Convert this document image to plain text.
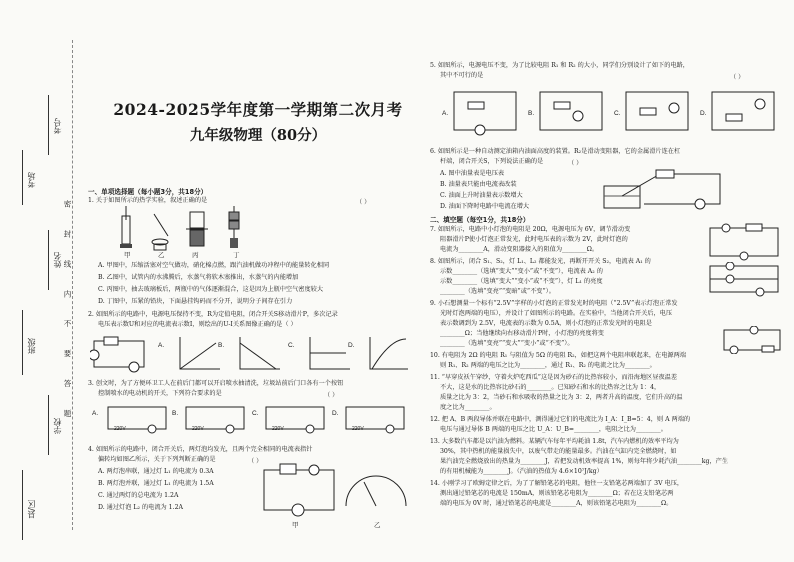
考号
考场
姓名
班级
学校
县/区
密 封 线 内 不 要 答 题
2024-2025学年度第一学期第二次月考
九年级物理（80分）
一、单项选择题（每小题3分，共18分）
1. 关于如图所示的热学实验，叙述正确的是	（ ）
甲	乙	丙	丁
A. 甲图中，压缩活塞对空气做功，硝化棉点燃，跟汽油机做功冲程中的能量转化相同
B. 乙图中，试管内的水沸腾后，水蒸气将软木塞推出，水蒸气的内能增加
C. 丙图中，抽去玻璃板后，两瓶中的气体逐渐混合，这是因为上瓶中空气密度较大
D. 丁图中，压紧的铅块，下面悬挂钩码而不分开，说明分子间存在引力
2. 如图所示的电路中，电源电压保持不变，R为定值电阻，闭合开关S移动滑片P，多次记录
电压表示数U和对应的电流表示数I，则绘出的U-I关系图像正确的是（ ）
A.	B.	C.	D.
3. 创文时，为了方便环卫工人在前后门都可以开启喷水抽清洗，垃圾站前后门口各有一个按钮
控制喷水的电动机的开关，下列符合要求的是	（ ）
A.	B.	C.	D.
220V	220V	220V	220V
4. 如图所示的电路中，闭合开关后，两灯泡均发光，且两个完全相同的电流表指针
偏转均如图乙所示，关于下列判断正确的是	（ ）
A. 两灯泡串联，通过灯 L₁ 的电流为 0.3A
B. 两灯泡并联，通过灯 L₁ 的电流为 1.5A
C. 通过两灯的总电流为 1.2A
D. 通过灯泡 L₂ 的电流为 1.2A
甲	乙
5. 如图所示，电源电压不变，为了比较电阻 R₁ 和 R₂ 的大小，同学们分别设计了如下的电路，
其中不可行的是	（ ）
A.	B.	C.	D.
6. 如图所示是一种自动测定油箱内油面高度的装置。R₂是滑动变阻器，它的金属滑片连在杠
杆端，闭合开关S，下列说法正确的是	（ ）
A. 图中油量表是电压表
B. 油量表只能由电流表改装
C. 油面上升时油量表示数增大
D. 油面下降时电路中电流在增大
二、填空题（每空1分，共18分）
7. 如图所示，电路中小灯泡的电阻是 20Ω，电源电压为 6V，调节滑动变
阻器滑片P使小灯泡正常发光，此时电压表的示数为 2V，此时灯泡的
电流为________A，滑动变阻器接入的阻值为________Ω。
8. 如图所示，闭合 S₁、S₂，灯 L₁、L₂ 都能发光，再断开开关 S₂，电流表 A₁ 的
示数________（选填“变大”“变小”或“不变”），电流表 A₂ 的
示数________（选填“变大”“变小”或“不变”），灯 L₁ 的亮度
________（选填“变亮”“变暗”或“不变”）。
9. 小石想测量一个标有“2.5V”字样的小灯泡的正常发光时的电阻（“2.5V”表示灯泡正常发
光时灯泡两端的电压），并设计了如图所示的电路。在实验中，当他闭合开关后，电压
表示数调到为 2.5V，电流表的示数为 0.5A，则小灯泡的正常发光时的电阻是
________Ω；当他继续向右移动滑片P时，小灯泡的亮度将变
________（选填“变亮”“变大”“变小”或“不变”）。
10. 有电阻为 2Ω 的电阻 R₁ 与阻值为 5Ω 的电阻 R₂，如把这两个电阻串联起来，在电源两端
则 R₁、R₂ 两端的电压之比为________，通过 R₁、R₂ 的电流之比为________。
11. “早穿皮袄午穿纱，守着火炉吃西瓜”这是因为砂石的比热容较小，而沿海地区昼夜温差
不大，这是水的比热容比砂石的________。已知砂石和水的比热容之比为 1：4，
质量之比为 3：2，当砂石和水吸收的热量之比为 3：2，两者升高的温度，它们升高的温
度之比为________。
12. 把 A、B 两段导体并联在电路中，测得通过它们的电流比为 I_A：I_B=5：4，则 A 两端的
电压与通过导体 B 两端的电压之比 U_A：U_B=________，电阻之比为________。
13. 大多数汽车都是以汽油为燃料。某辆汽车每年平均耗油 1.8t，汽车内燃机的效率平均为
30%，其中热机的能量损失中，以废气带走的能量最多。汽油在气缸内完全燃烧时，如
果汽油完全燃烧放出的热量为________J，若把发动机效率提高 1%，则每年将少耗汽油________kg，产生
的有用机械能为________J。（汽油的热值为 4.6×10⁷J/kg）
14. 小刚学习了欧姆定律之后，为了了解铅笔芯的电阻，他往一支铅笔芯两端加了 3V 电压，
测出通过铅笔芯的电流是 150mA，则该铅笔芯电阻为________Ω；若在这支铅笔芯两
端的电压为 0V 时，通过铅笔芯的电流是________A，则该铅笔芯电阻为________Ω。
